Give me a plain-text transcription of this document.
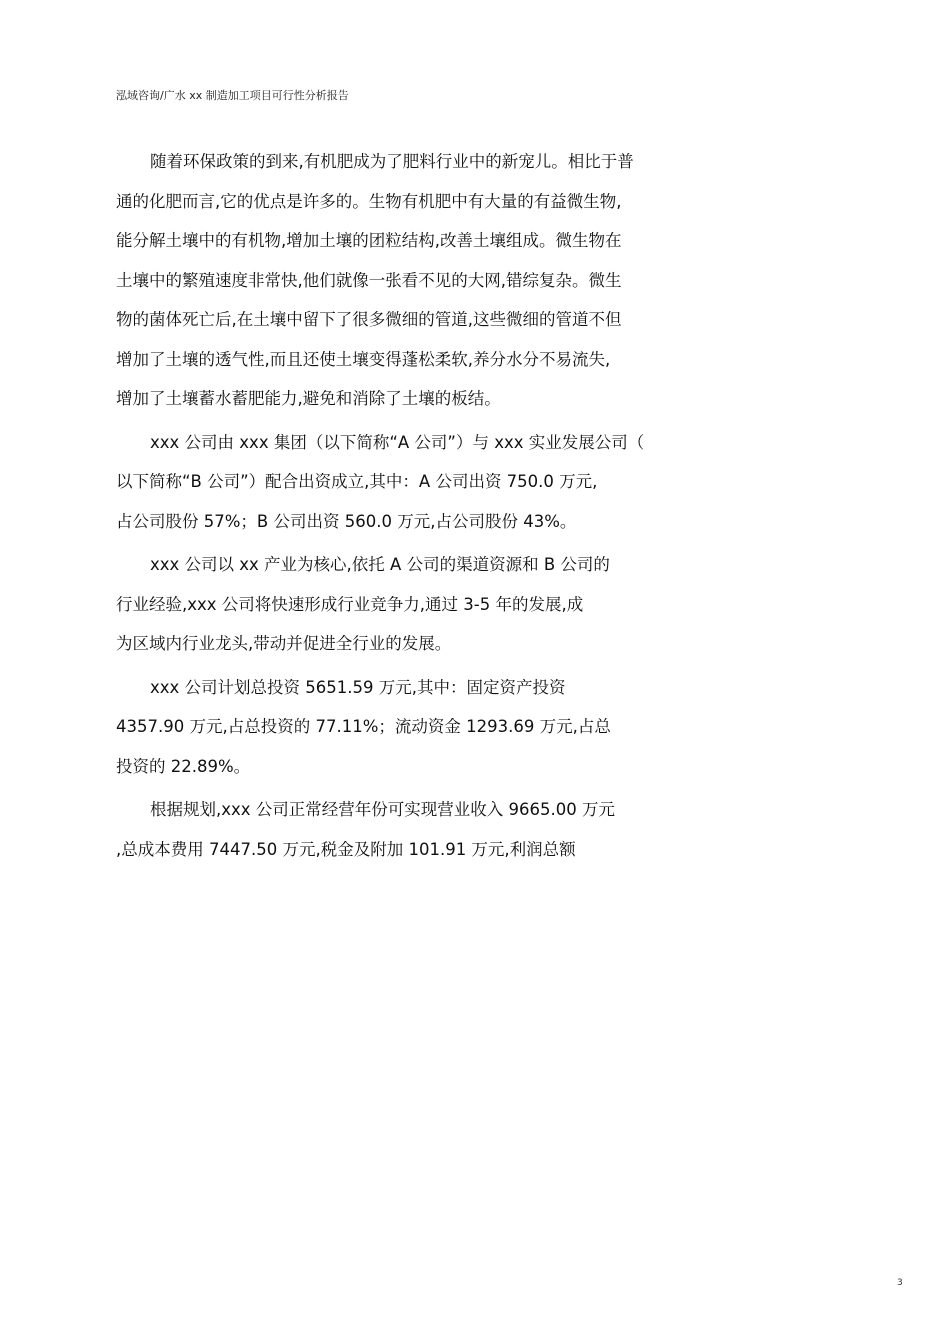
泓域咨询/广水 xx 制造加工项目可行性分析报告
随着环保政策的到来,有机肥成为了肥料行业中的新宠儿。相比于普
通的化肥而言,它的优点是许多的。生物有机肥中有大量的有益微生物,
能分解土壤中的有机物,增加土壤的团粒结构,改善土壤组成。微生物在
土壤中的繁殖速度非常快,他们就像一张看不见的大网,错综复杂。微生
物的菌体死亡后,在土壤中留下了很多微细的管道,这些微细的管道不但
增加了土壤的透气性,而且还使土壤变得蓬松柔软,养分水分不易流失,
增加了土壤蓄水蓄肥能力,避免和消除了土壤的板结。
xxx 公司由 xxx 集团（以下简称“A 公司”）与 xxx 实业发展公司（
以下简称“B 公司”）配合出资成立,其中：A 公司出资 750.0 万元,
占公司股份 57%；B 公司出资 560.0 万元,占公司股份 43%。
xxx 公司以 xx 产业为核心,依托 A 公司的渠道资源和 B 公司的
行业经验,xxx 公司将快速形成行业竞争力,通过 3-5 年的发展,成
为区域内行业龙头,带动并促进全行业的发展。
xxx 公司计划总投资 5651.59 万元,其中：固定资产投资
4357.90 万元,占总投资的 77.11%；流动资金 1293.69 万元,占总
投资的 22.89%。
根据规划,xxx 公司正常经营年份可实现营业收入 9665.00 万元
,总成本费用 7447.50 万元,税金及附加 101.91 万元,利润总额
3
